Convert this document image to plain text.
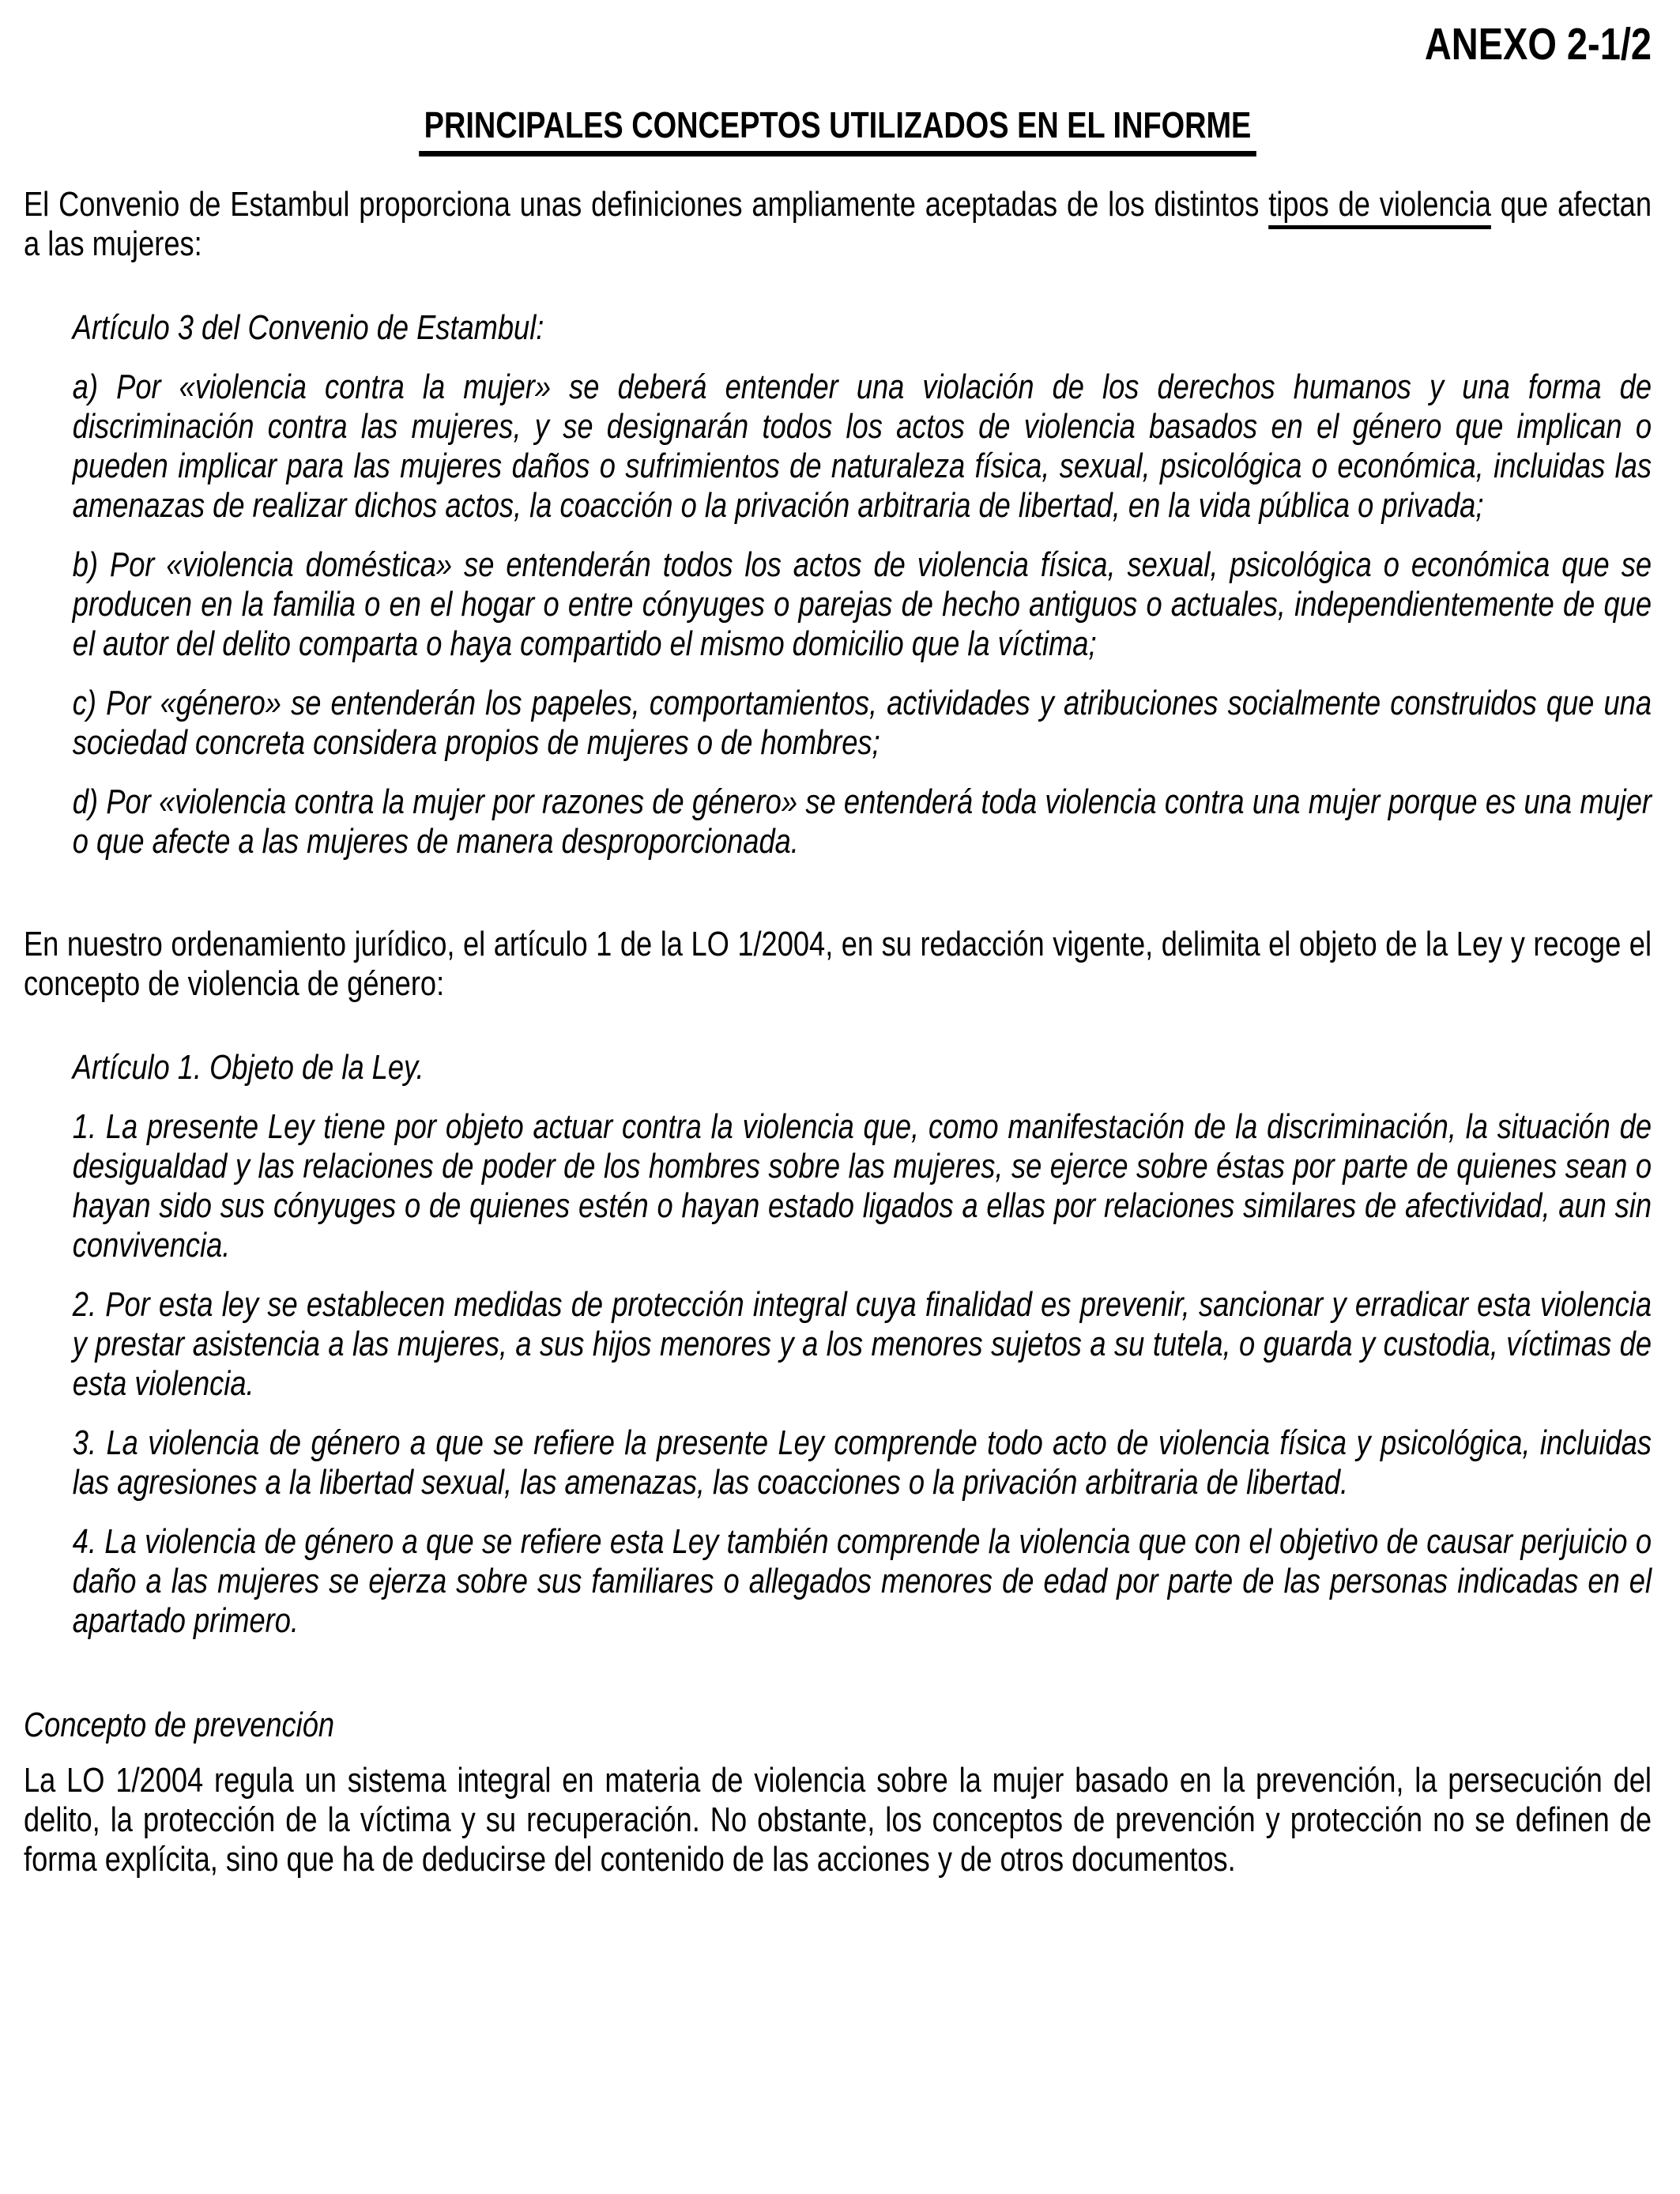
ANEXO 2-1/2
PRINCIPALES CONCEPTOS UTILIZADOS EN EL INFORME

El Convenio de Estambul proporciona unas definiciones ampliamente aceptadas de los distintos tipos de violencia que afectan a las mujeres:

Artículo 3 del Convenio de Estambul:

a) Por «violencia contra la mujer» se deberá entender una violación de los derechos humanos y una forma de discriminación contra las mujeres, y se designarán todos los actos de violencia basados en el género que implican o pueden implicar para las mujeres daños o sufrimientos de naturaleza física, sexual, psicológica o económica, incluidas las amenazas de realizar dichos actos, la coacción o la privación arbitraria de libertad, en la vida pública o privada;

b) Por «violencia doméstica» se entenderán todos los actos de violencia física, sexual, psicológica o económica que se producen en la familia o en el hogar o entre cónyuges o parejas de hecho antiguos o actuales, independientemente de que el autor del delito comparta o haya compartido el mismo domicilio que la víctima;

c) Por «género» se entenderán los papeles, comportamientos, actividades y atribuciones socialmente construidos que una sociedad concreta considera propios de mujeres o de hombres;

d) Por «violencia contra la mujer por razones de género» se entenderá toda violencia contra una mujer porque es una mujer o que afecte a las mujeres de manera desproporcionada.

En nuestro ordenamiento jurídico, el artículo 1 de la LO 1/2004, en su redacción vigente, delimita el objeto de la Ley y recoge el concepto de violencia de género:

Artículo 1. Objeto de la Ley.

1. La presente Ley tiene por objeto actuar contra la violencia que, como manifestación de la discriminación, la situación de desigualdad y las relaciones de poder de los hombres sobre las mujeres, se ejerce sobre éstas por parte de quienes sean o hayan sido sus cónyuges o de quienes estén o hayan estado ligados a ellas por relaciones similares de afectividad, aun sin convivencia.

2. Por esta ley se establecen medidas de protección integral cuya finalidad es prevenir, sancionar y erradicar esta violencia y prestar asistencia a las mujeres, a sus hijos menores y a los menores sujetos a su tutela, o guarda y custodia, víctimas de esta violencia.

3. La violencia de género a que se refiere la presente Ley comprende todo acto de violencia física y psicológica, incluidas las agresiones a la libertad sexual, las amenazas, las coacciones o la privación arbitraria de libertad.

4. La violencia de género a que se refiere esta Ley también comprende la violencia que con el objetivo de causar perjuicio o daño a las mujeres se ejerza sobre sus familiares o allegados menores de edad por parte de las personas indicadas en el apartado primero.

Concepto de prevención

La LO 1/2004 regula un sistema integral en materia de violencia sobre la mujer basado en la prevención, la persecución del delito, la protección de la víctima y su recuperación. No obstante, los conceptos de prevención y protección no se definen de forma explícita, sino que ha de deducirse del contenido de las acciones y de otros documentos.
